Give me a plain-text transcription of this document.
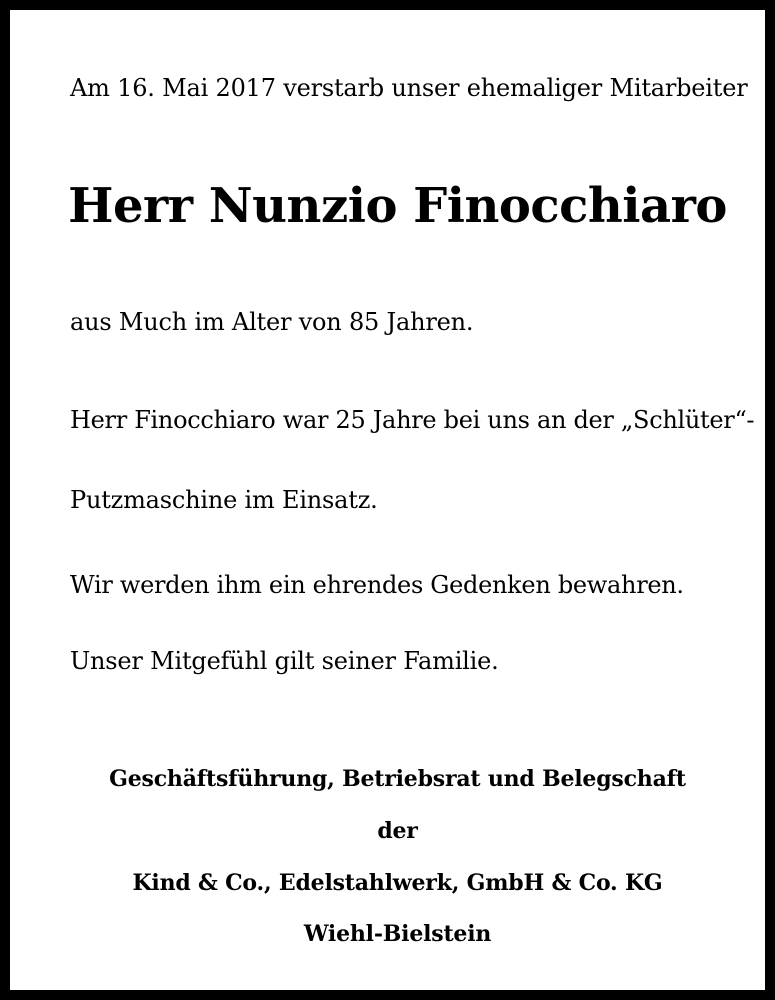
Am 16. Mai 2017 verstarb unser ehemaliger Mitarbeiter

Herr Nunzio Finocchiaro

aus Much im Alter von 85 Jahren.

Herr Finocchiaro war 25 Jahre bei uns an der „Schlüter“-

Putzmaschine im Einsatz.

Wir werden ihm ein ehrendes Gedenken bewahren.

Unser Mitgefühl gilt seiner Familie.

Geschäftsführung, Betriebsrat und Belegschaft

der

Kind & Co., Edelstahlwerk, GmbH & Co. KG

Wiehl-Bielstein
